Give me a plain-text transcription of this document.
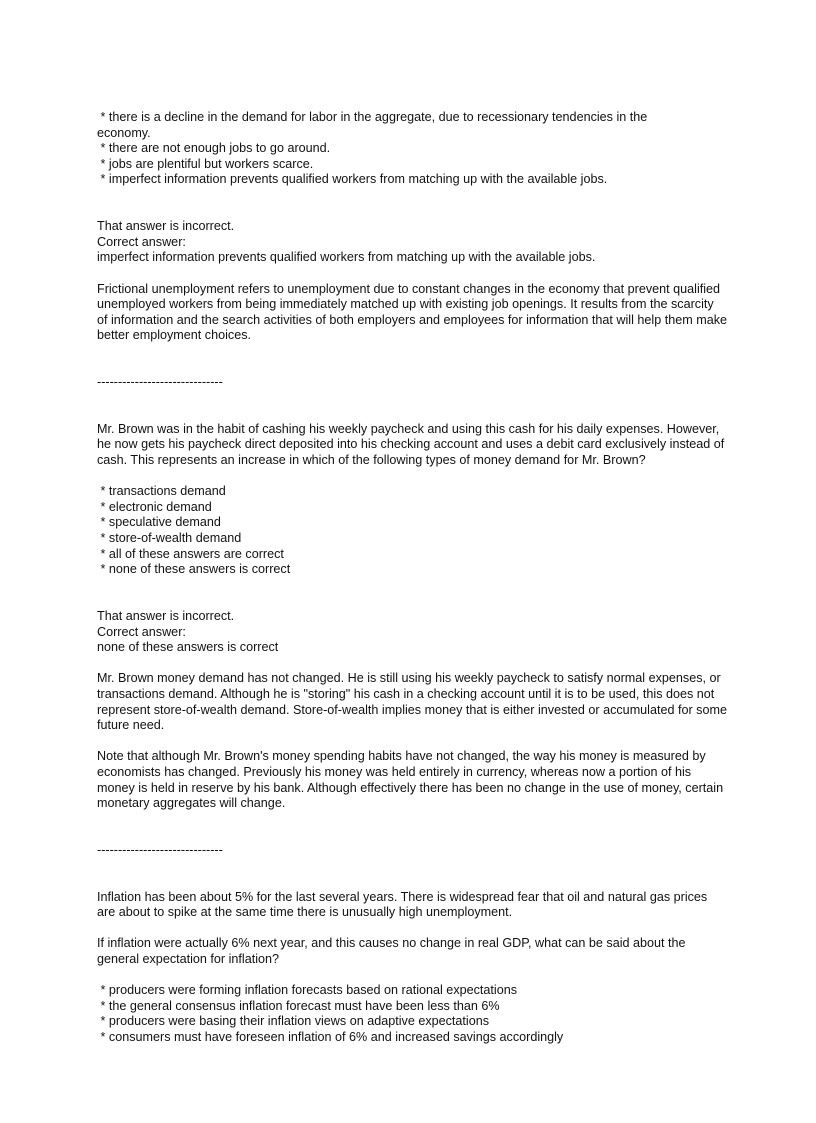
* there is a decline in the demand for labor in the aggregate, due to recessionary tendencies in the
economy.
* there are not enough jobs to go around.
* jobs are plentiful but workers scarce.
* imperfect information prevents qualified workers from matching up with the available jobs.
That answer is incorrect.
Correct answer:
imperfect information prevents qualified workers from matching up with the available jobs.
Frictional unemployment refers to unemployment due to constant changes in the economy that prevent qualified unemployed workers from being immediately matched up with existing job openings. It results from the scarcity of information and the search activities of both employers and employees for information that will help them make better employment choices.
------------------------------
Mr. Brown was in the habit of cashing his weekly paycheck and using this cash for his daily expenses. However, he now gets his paycheck direct deposited into his checking account and uses a debit card exclusively instead of cash. This represents an increase in which of the following types of money demand for Mr. Brown?
* transactions demand
* electronic demand
* speculative demand
* store-of-wealth demand
* all of these answers are correct
* none of these answers is correct
That answer is incorrect.
Correct answer:
none of these answers is correct
Mr. Brown money demand has not changed. He is still using his weekly paycheck to satisfy normal expenses, or transactions demand. Although he is "storing" his cash in a checking account until it is to be used, this does not represent store-of-wealth demand. Store-of-wealth implies money that is either invested or accumulated for some future need.
Note that although Mr. Brown's money spending habits have not changed, the way his money is measured by economists has changed. Previously his money was held entirely in currency, whereas now a portion of his money is held in reserve by his bank. Although effectively there has been no change in the use of money, certain monetary aggregates will change.
------------------------------
Inflation has been about 5% for the last several years. There is widespread fear that oil and natural gas prices are about to spike at the same time there is unusually high unemployment.
If inflation were actually 6% next year, and this causes no change in real GDP, what can be said about the general expectation for inflation?
* producers were forming inflation forecasts based on rational expectations
* the general consensus inflation forecast must have been less than 6%
* producers were basing their inflation views on adaptive expectations
* consumers must have foreseen inflation of 6% and increased savings accordingly
